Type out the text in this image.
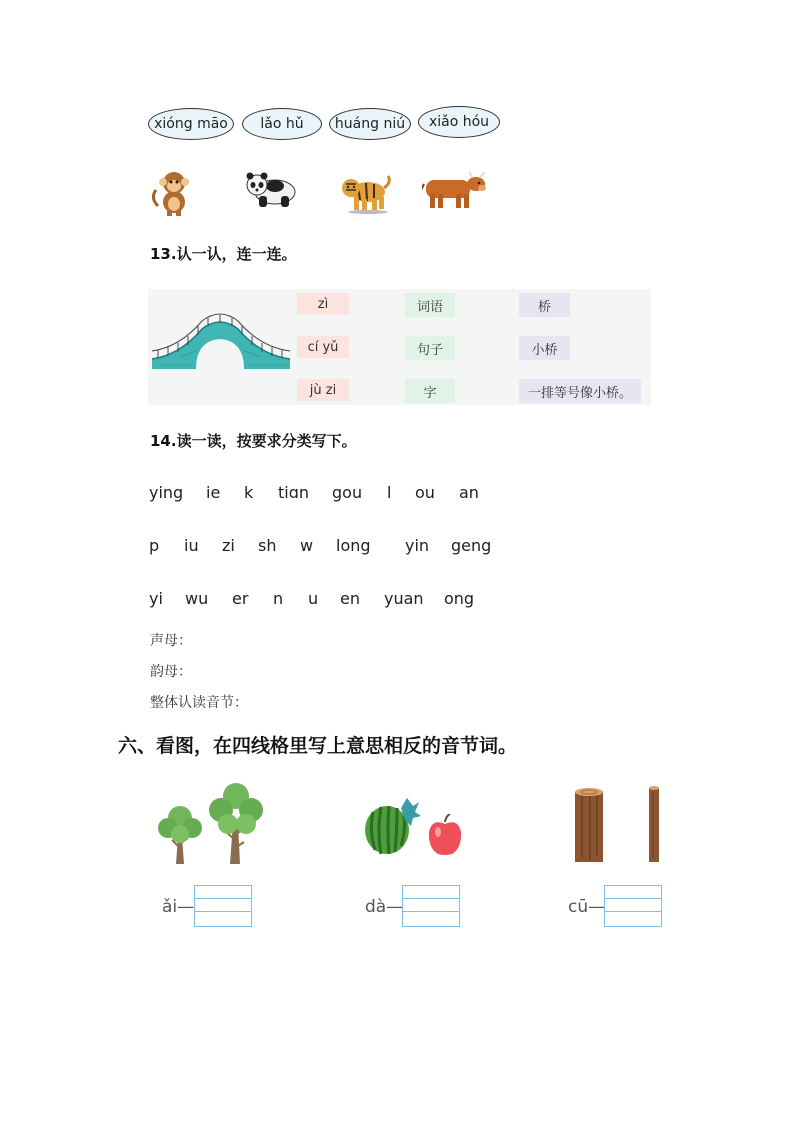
xióng māo lǎo hǔ huáng niú xiǎo hóu
13.认一认，连一连。
zì
cí yǔ
jù zi
词语
句子
字
桥
小桥
一排等号像小桥。
14.读一读，按要求分类写下。
ying ie k tiɑn gou l ou an
p iu zi sh w long yin geng
yi wu er n u en yuan ong
声母：
韵母：
整体认读音节：
六、看图，在四线格里写上意思相反的音节词。
ǎi—	dà—	cū—
